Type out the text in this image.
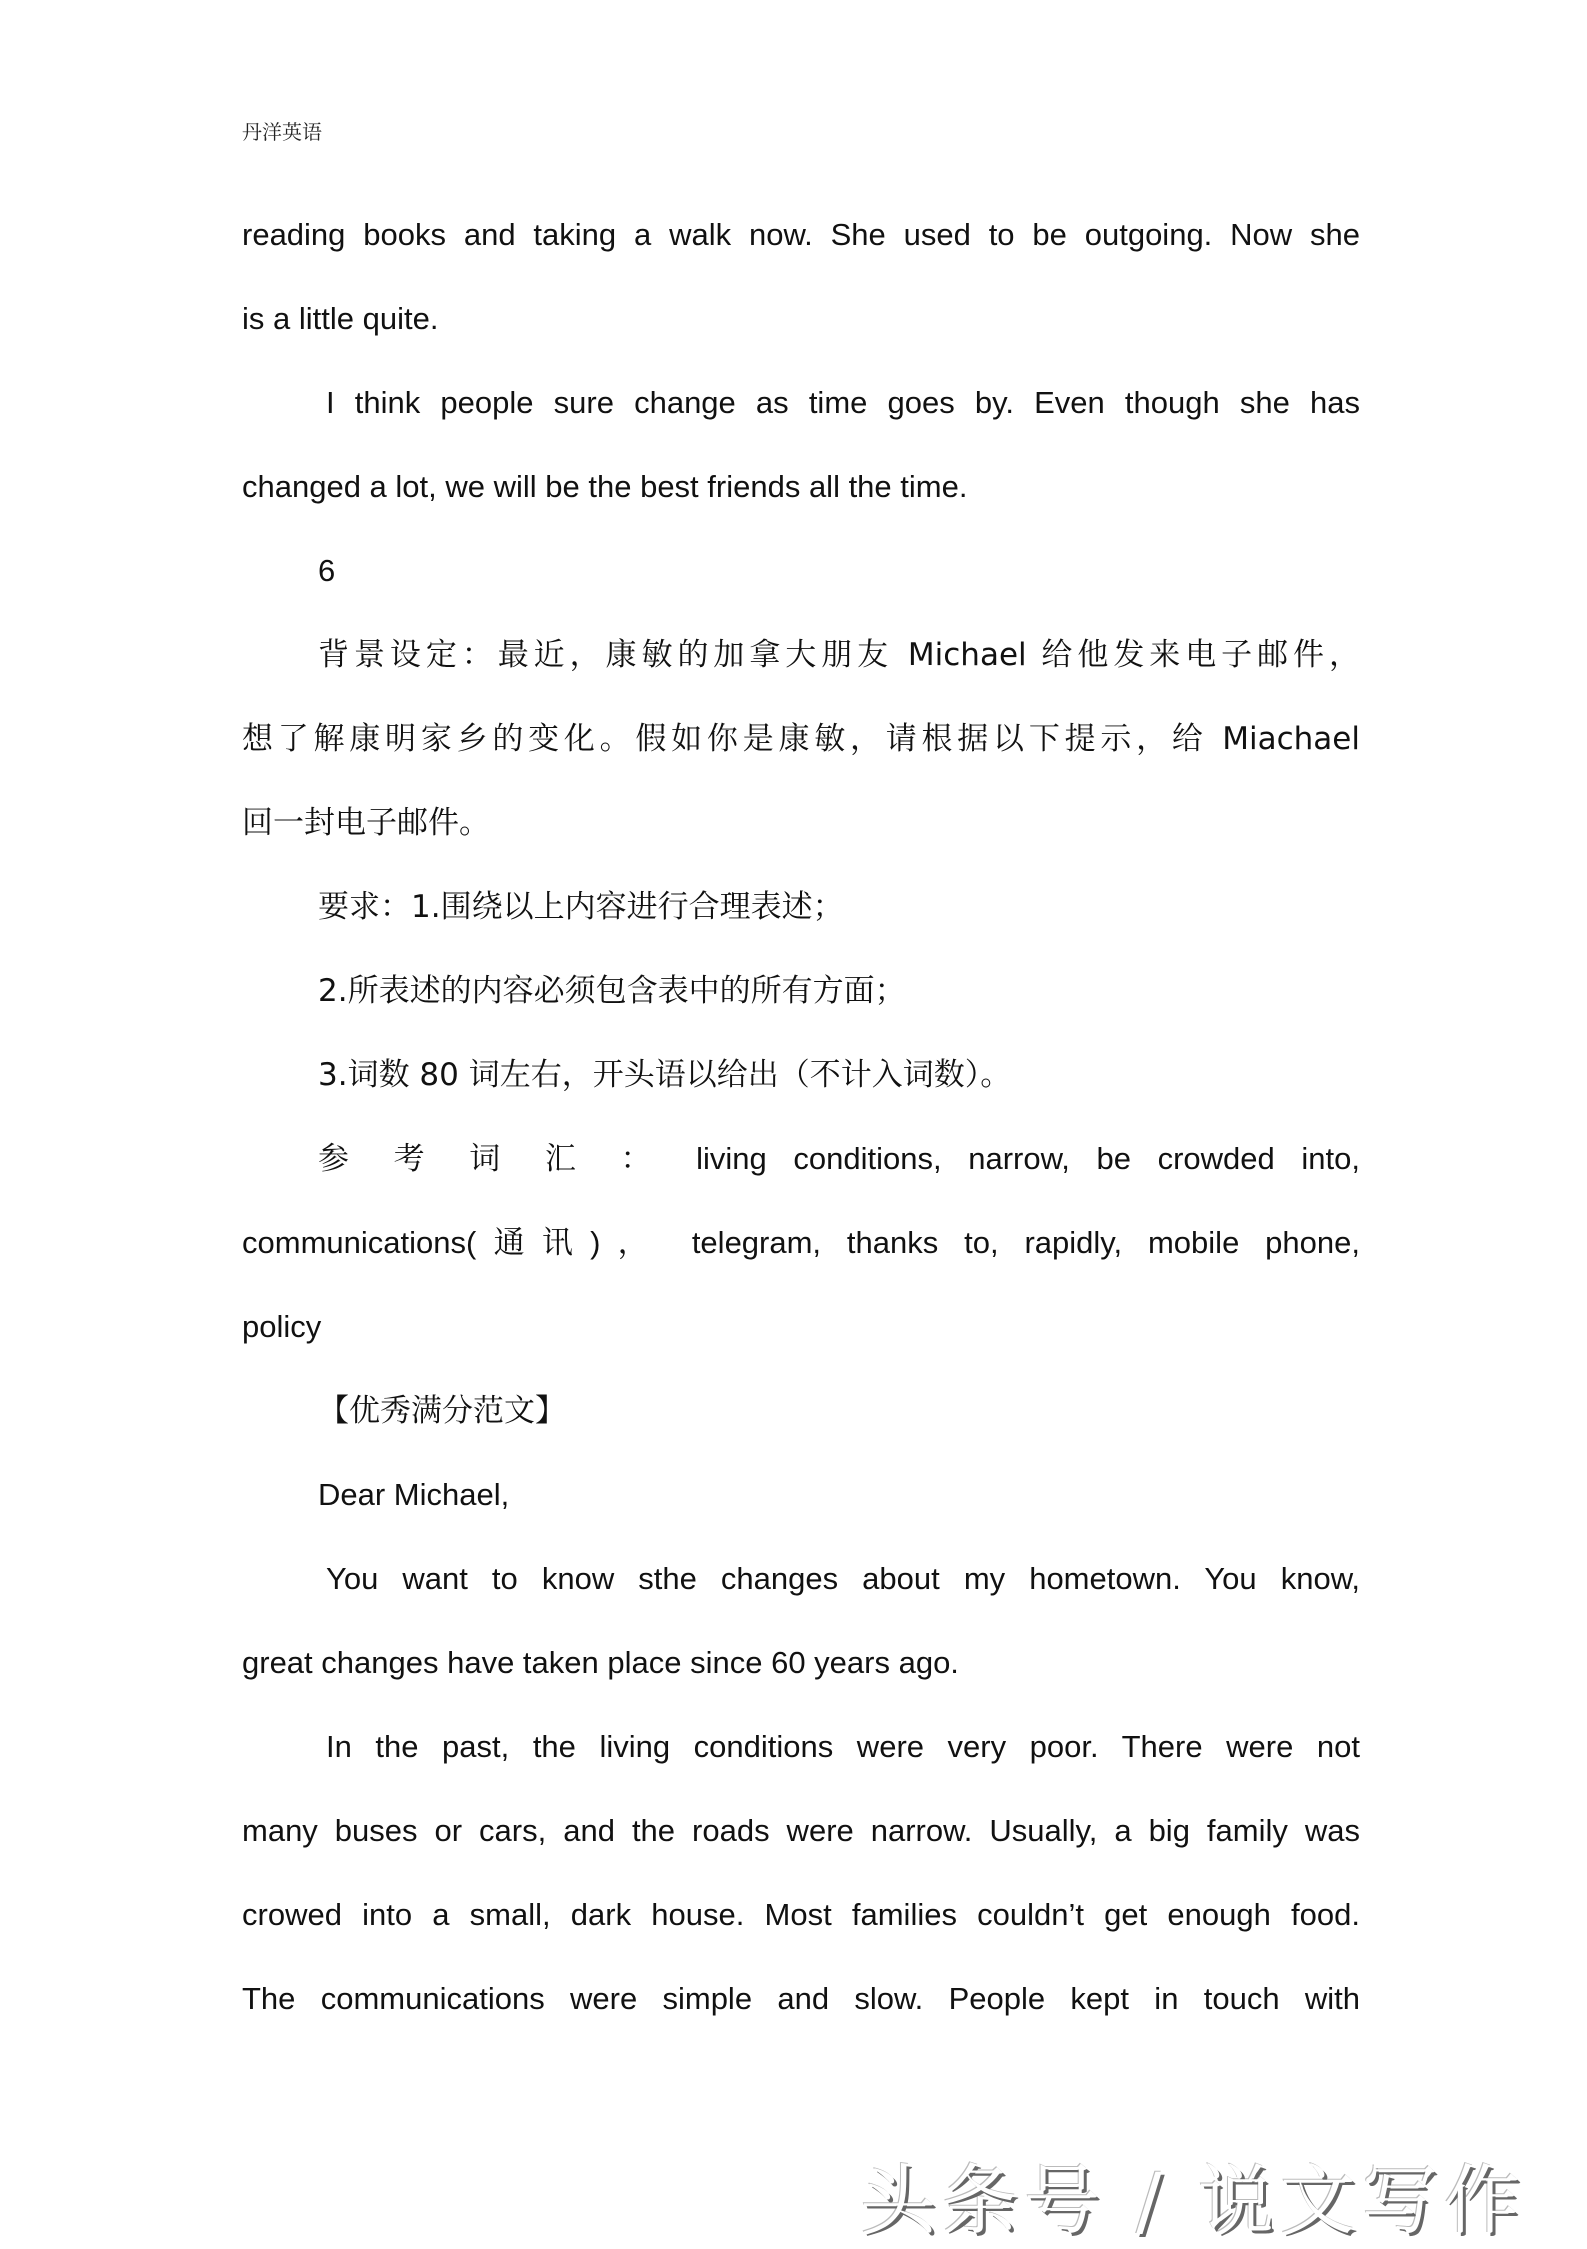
丹洋英语
reading books and taking a walk now. She used to be outgoing. Now she
is a little quite.
I think people sure change as time goes by. Even though she has
changed a lot, we will be the best friends all the time.
6
背景设定：最近，康敏的加拿大朋友 Michael 给他发来电子邮件，
想了解康明家乡的变化。假如你是康敏，请根据以下提示，给 Miachael
回一封电子邮件。
要求：1.围绕以上内容进行合理表述；
2.所表述的内容必须包含表中的所有方面；
3.词数 80 词左右，开头语以给出（不计入词数）。
参 考 词 汇 ： living conditions, narrow, be crowded into,
communications(通讯)， telegram, thanks to, rapidly, mobile phone,
policy
【优秀满分范文】
Dear Michael,
You want to know sthe changes about my hometown. You know,
great changes have taken place since 60 years ago.
In the past, the living conditions were very poor. There were not
many buses or cars, and the roads were narrow. Usually, a big family was
crowed into a small, dark house. Most families couldn’t get enough food.
The communications were simple and slow. People kept in touch with
头条号 / 说文写作
